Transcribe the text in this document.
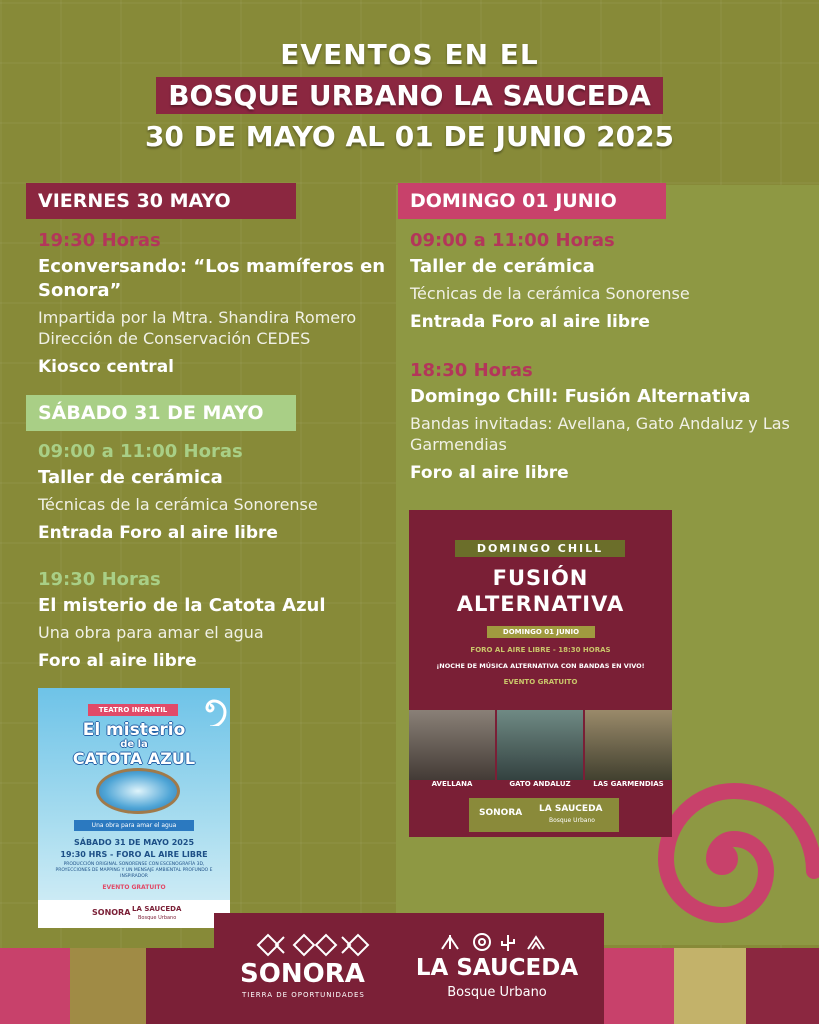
EVENTOS EN EL
BOSQUE URBANO LA SAUCEDA
30 DE MAYO AL 01 DE JUNIO 2025
VIERNES 30 MAYO
19:30 Horas
Econversando: “Los mamíferos en Sonora”
Impartida por la Mtra. Shandira Romero
Dirección de Conservación CEDES
Kiosco central
SÁBADO 31 DE MAYO
09:00 a 11:00 Horas
Taller de cerámica
Técnicas de la cerámica Sonorense
Entrada Foro al aire libre
19:30 Horas
El misterio de la Catota Azul
Una obra para amar el agua
Foro al aire libre
DOMINGO 01 JUNIO
09:00 a 11:00 Horas
Taller de cerámica
Técnicas de la cerámica Sonorense
Entrada Foro al aire libre
18:30 Horas
Domingo Chill: Fusión Alternativa
Bandas invitadas: Avellana, Gato Andaluz y Las Garmendias
Foro al aire libre
TEATRO INFANTIL
El misterio
de la
CATOTA AZUL
Una obra para amar el agua
SÁBADO 31 DE MAYO 2025
19:30 HRS - FORO AL AIRE LIBRE
PRODUCCIÓN ORIGINAL SONORENSE CON ESCENOGRAFÍA 3D, PROYECCIONES DE MAPPING Y UN MENSAJE AMBIENTAL PROFUNDO E INSPIRADOR
EVENTO GRATUITO
SONORA LA SAUCEDA
Bosque Urbano
DOMINGO CHILL
FUSIÓN
ALTERNATIVA
DOMINGO 01 JUNIO
FORO AL AIRE LIBRE - 18:30 HORAS
¡NOCHE DE MÚSICA ALTERNATIVA CON BANDAS EN VIVO!
EVENTO GRATUITO
AVELLANA	GATO ANDALUZ	LAS GARMENDIAS
SONORA LA SAUCEDA
Bosque Urbano
SONORA
TIERRA DE OPORTUNIDADES
LA SAUCEDA
Bosque Urbano
